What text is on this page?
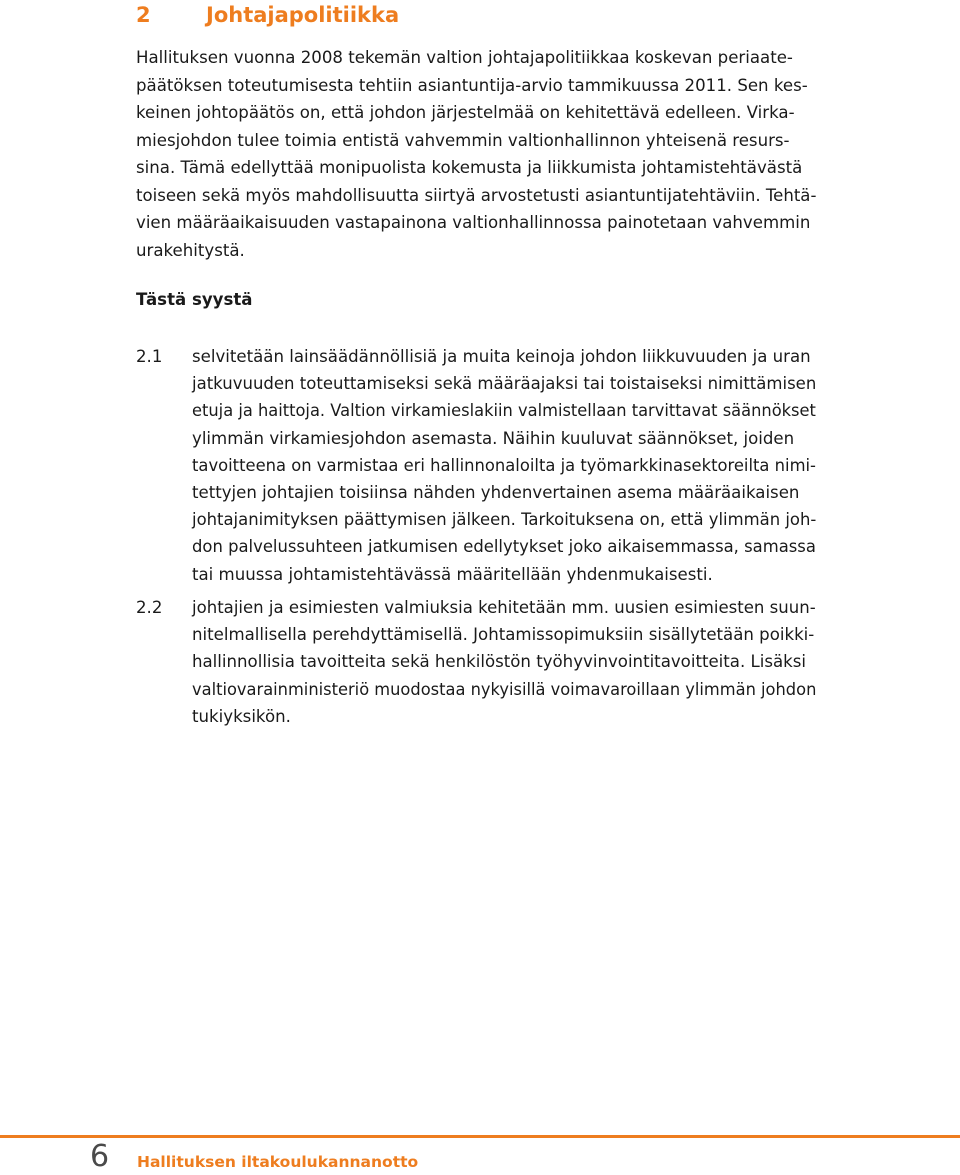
2	Johtajapolitiikka
Hallituksen vuonna 2008 tekemän valtion johtajapolitiikkaa koskevan periaate-
päätöksen toteutumisesta tehtiin asiantuntija-arvio tammikuussa 2011. Sen kes-
keinen johtopäätös on, että johdon järjestelmää on kehitettävä edelleen. Virka-
miesjohdon tulee toimia entistä vahvemmin valtionhallinnon yhteisenä resurs-
sina. Tämä edellyttää monipuolista kokemusta ja liikkumista johtamistehtävästä
toiseen sekä myös mahdollisuutta siirtyä arvostetusti asiantuntijatehtäviin. Tehtä-
vien määräaikaisuuden vastapainona valtionhallinnossa painotetaan vahvemmin
urakehitystä.
Tästä syystä
2.1	selvitetään lainsäädännöllisiä ja muita keinoja johdon liikkuvuuden ja uran
jatkuvuuden toteuttamiseksi sekä määräajaksi tai toistaiseksi nimittämisen
etuja ja haittoja. Valtion virkamieslakiin valmistellaan tarvittavat säännökset
ylimmän virkamiesjohdon asemasta. Näihin kuuluvat säännökset, joiden
tavoitteena on varmistaa eri hallinnonaloilta ja työmarkkinasektoreilta nimi-
tettyjen johtajien toisiinsa nähden yhdenvertainen asema määräaikaisen
johtajanimityksen päättymisen jälkeen. Tarkoituksena on, että ylimmän joh-
don palvelussuhteen jatkumisen edellytykset joko aikaisemmassa, samassa
tai muussa johtamistehtävässä määritellään yhdenmukaisesti.
2.2	johtajien ja esimiesten valmiuksia kehitetään mm. uusien esimiesten suun-
nitelmallisella perehdyttämisellä. Johtamissopimuksiin sisällytetään poikki-
hallinnollisia tavoitteita sekä henkilöstön työhyvinvointitavoitteita. Lisäksi
valtiovarainministeriö muodostaa nykyisillä voimavaroillaan ylimmän johdon
tukiyksikön.
6 Hallituksen iltakoulukannanotto
